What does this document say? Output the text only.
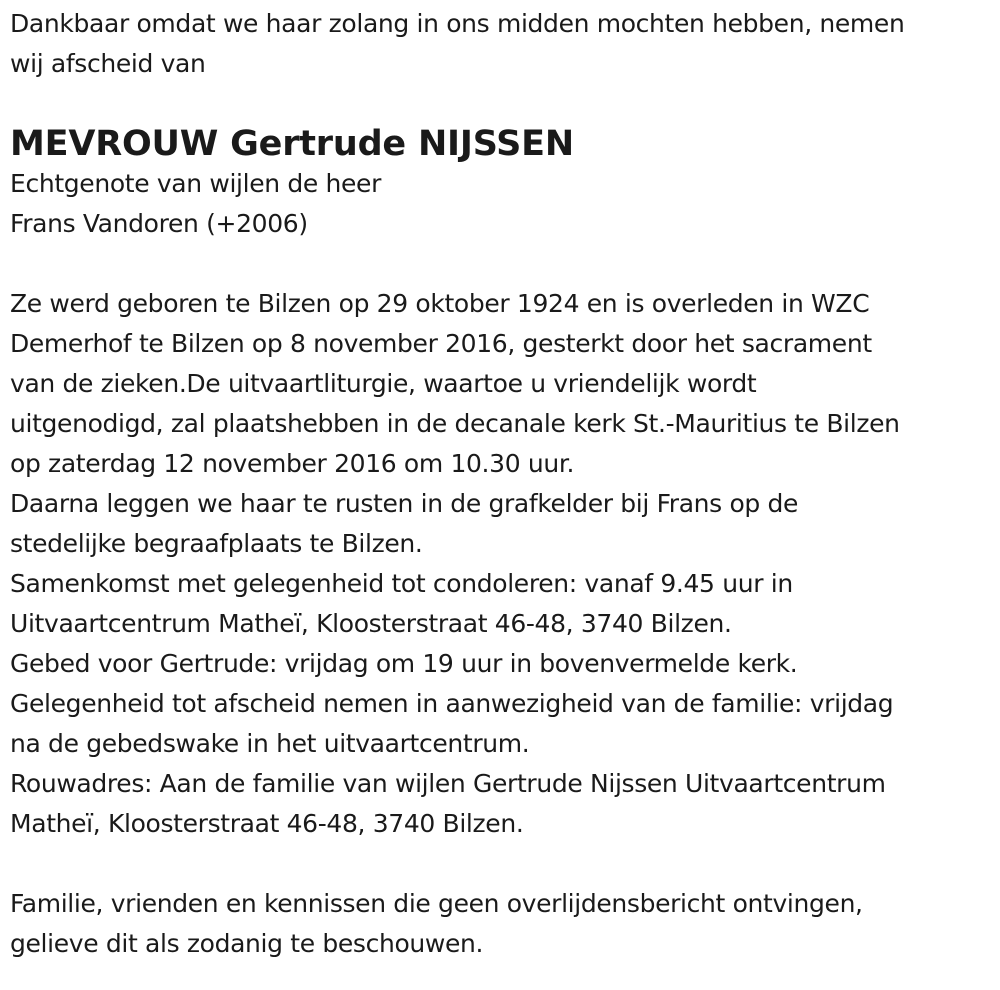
Dankbaar omdat we haar zolang in ons midden mochten hebben, nemen
wij afscheid van
MEVROUW Gertrude NIJSSEN
Echtgenote van wijlen de heer
Frans Vandoren (+2006)
Ze werd geboren te Bilzen op 29 oktober 1924 en is overleden in WZC
Demerhof te Bilzen op 8 november 2016, gesterkt door het sacrament
van de zieken.De uitvaartliturgie, waartoe u vriendelijk wordt
uitgenodigd, zal plaatshebben in de decanale kerk St.-Mauritius te Bilzen
op zaterdag 12 november 2016 om 10.30 uur.
Daarna leggen we haar te rusten in de grafkelder bij Frans op de
stedelijke begraafplaats te Bilzen.
Samenkomst met gelegenheid tot condoleren: vanaf 9.45 uur in
Uitvaartcentrum Matheï, Kloosterstraat 46-48, 3740 Bilzen.
Gebed voor Gertrude: vrijdag om 19 uur in bovenvermelde kerk.
Gelegenheid tot afscheid nemen in aanwezigheid van de familie: vrijdag
na de gebedswake in het uitvaartcentrum.
Rouwadres: Aan de familie van wijlen Gertrude Nijssen Uitvaartcentrum
Matheï, Kloosterstraat 46-48, 3740 Bilzen.
Familie, vrienden en kennissen die geen overlijdensbericht ontvingen,
gelieve dit als zodanig te beschouwen.
